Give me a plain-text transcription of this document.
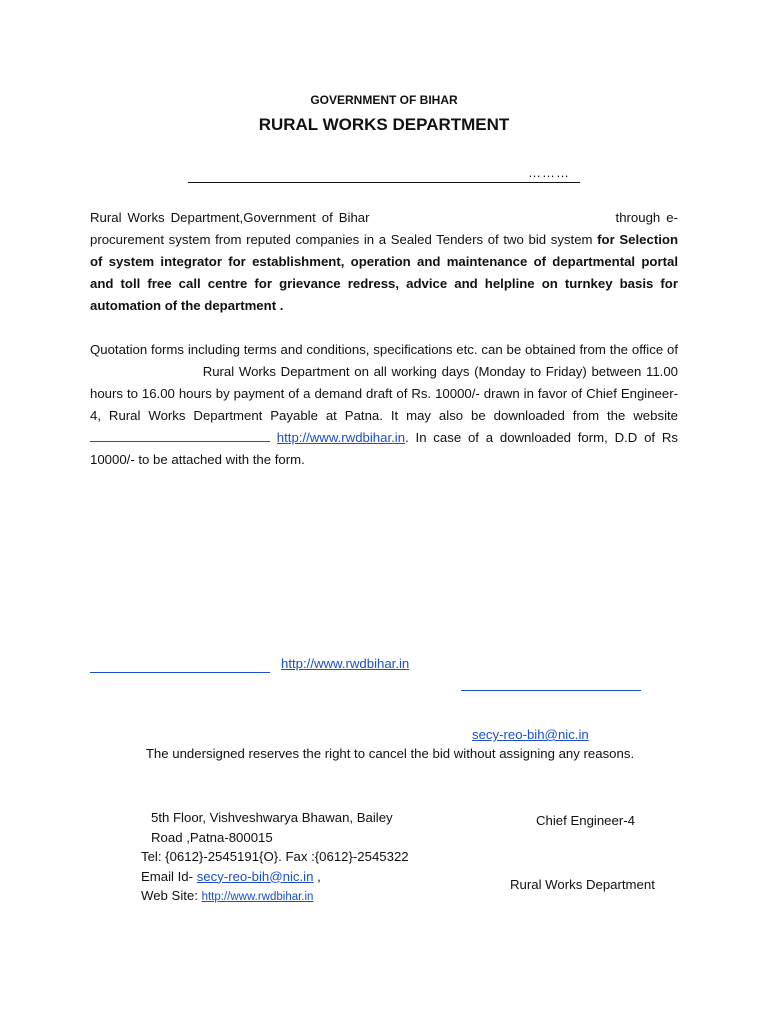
GOVERNMENT OF BIHAR
RURAL WORKS DEPARTMENT
………

Rural Works Department,Government of Bihar	through e- procurement system from reputed companies in a Sealed Tenders of two bid system for Selection of system integrator for establishment, operation and maintenance of departmental portal and toll free call centre for grievance redress, advice and helpline on turnkey basis for automation of the department .

Quotation forms including terms and conditions, specifications etc. can be obtained from the office of Rural Works Department on all working days (Monday to Friday) between 11.00 hours to 16.00 hours by payment of a demand draft of Rs. 10000/- drawn in favor of Chief Engineer-4, Rural Works Department Payable at Patna. It may also be downloaded from the website  http://www.rwdbihar.in. In case of a downloaded form, D.D of Rs 10000/- to be attached with the form.

http://www.rwdbihar.in
secy-reo-bih@nic.in
The undersigned reserves the right to cancel the bid without assigning any reasons.
5th Floor, Vishveshwarya Bhawan, Bailey
Road ,Patna-800015
Tel: {0612}-2545191{O}. Fax :{0612}-2545322
Email Id- secy-reo-bih@nic.in ,
Web Site: http://www.rwdbihar.in
Chief Engineer-4
Rural Works Department
